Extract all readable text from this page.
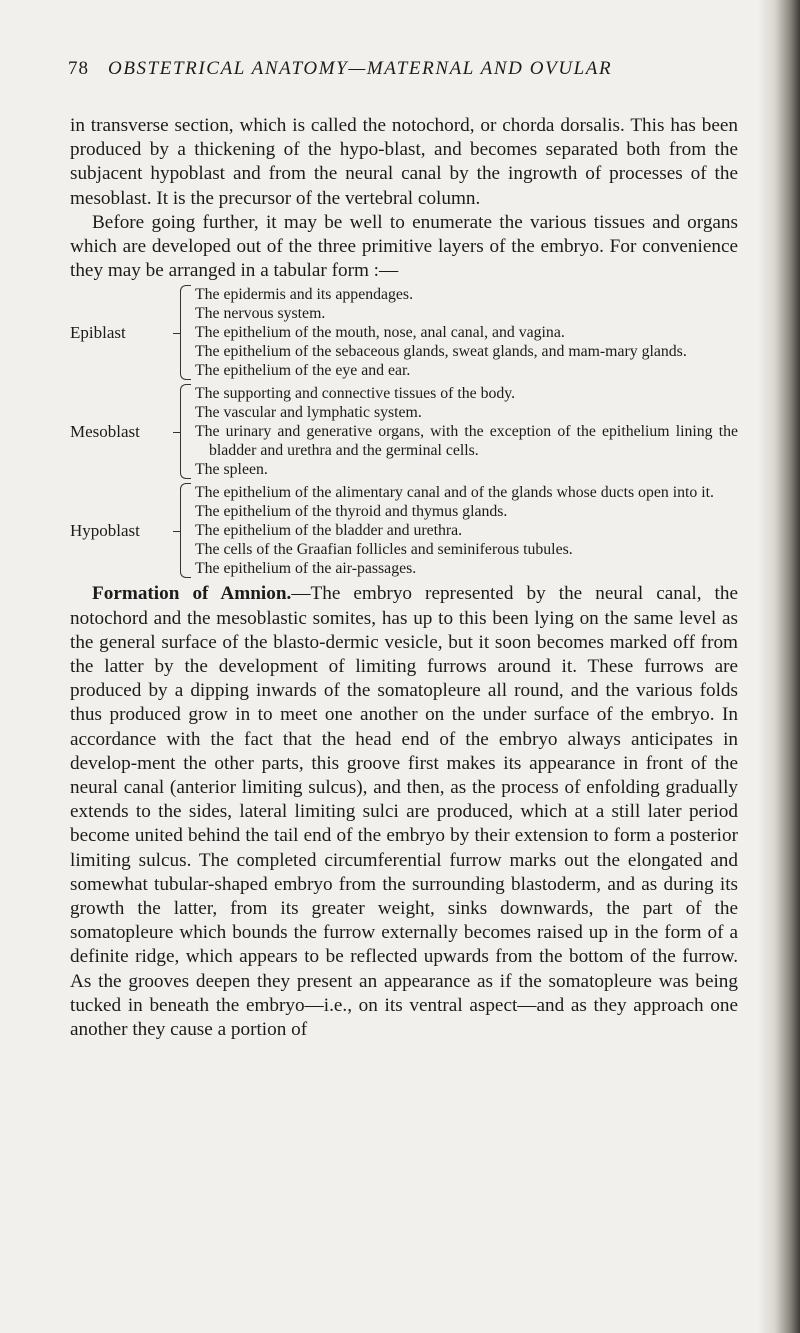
78	OBSTETRICAL ANATOMY—MATERNAL AND OVULAR

in transverse section, which is called the notochord, or chorda dorsalis. This has been produced by a thickening of the hypo-blast, and becomes separated both from the subjacent hypoblast and from the neural canal by the ingrowth of processes of the mesoblast. It is the precursor of the vertebral column.

Before going further, it may be well to enumerate the various tissues and organs which are developed out of the three primitive layers of the embryo. For convenience they may be arranged in a tabular form :—

Epiblast
The epidermis and its appendages.
The nervous system.
The epithelium of the mouth, nose, anal canal, and vagina.
The epithelium of the sebaceous glands, sweat glands, and mam-mary glands.
The epithelium of the eye and ear.
Mesoblast
The supporting and connective tissues of the body.
The vascular and lymphatic system.
The urinary and generative organs, with the exception of the epithelium lining the bladder and urethra and the germinal cells.
The spleen.
Hypoblast
The epithelium of the alimentary canal and of the glands whose ducts open into it.
The epithelium of the thyroid and thymus glands.
The epithelium of the bladder and urethra.
The cells of the Graafian follicles and seminiferous tubules.
The epithelium of the air-passages.

Formation of Amnion.—The embryo represented by the neural canal, the notochord and the mesoblastic somites, has up to this been lying on the same level as the general surface of the blasto-dermic vesicle, but it soon becomes marked off from the latter by the development of limiting furrows around it. These furrows are produced by a dipping inwards of the somatopleure all round, and the various folds thus produced grow in to meet one another on the under surface of the embryo. In accordance with the fact that the head end of the embryo always anticipates in develop-ment the other parts, this groove first makes its appearance in front of the neural canal (anterior limiting sulcus), and then, as the process of enfolding gradually extends to the sides, lateral limiting sulci are produced, which at a still later period become united behind the tail end of the embryo by their extension to form a posterior limiting sulcus. The completed circumferential furrow marks out the elongated and somewhat tubular-shaped embryo from the surrounding blastoderm, and as during its growth the latter, from its greater weight, sinks downwards, the part of the somatopleure which bounds the furrow externally becomes raised up in the form of a definite ridge, which appears to be reflected upwards from the bottom of the furrow. As the grooves deepen they present an appearance as if the somatopleure was being tucked in beneath the embryo—i.e., on its ventral aspect—and as they approach one another they cause a portion of
